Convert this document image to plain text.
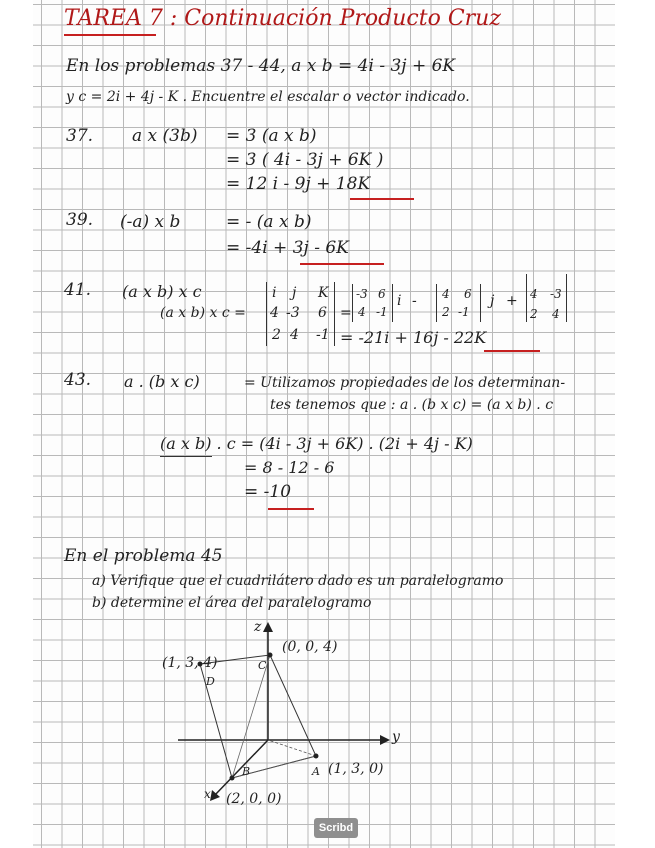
TAREA 7 : Continuación Producto Cruz
En los problemas 37 - 44, a x b = 4i - 3j + 6K
y c = 2i + 4j - K . Encuentre el escalar o vector indicado.
37. a x (3b) = 3 (a x b)
= 3 ( 4i - 3j + 6K )
= 12 i - 9j + 18K
39. (-a) x b	= - (a x b)
= -4i + 3j - 6K
41. (a x b) x c
(a x b) x c =
i j K
4 -3 6
2 4 -1
=
-3 6
4 -1
i - 4 6
2 -1
j + 4 -3
2 4
= -21i + 16j - 22K
43. a . (b x c)	= Utilizamos propiedades de los determinan-
tes tenemos que : a . (b x c) = (a x b) . c
(a x b) . c = (4i - 3j + 6K) . (2i + 4j - K)
= 8 - 12 - 6
= -10
En el problema 45
a) Verifique que el cuadrilátero dado es un paralelogramo
b) determine el área del paralelogramo
z
y
x
D
C
A
B
(1, 3, 4)
(0, 0, 4)
(1, 3, 0)
(2, 0, 0)
Scribd
